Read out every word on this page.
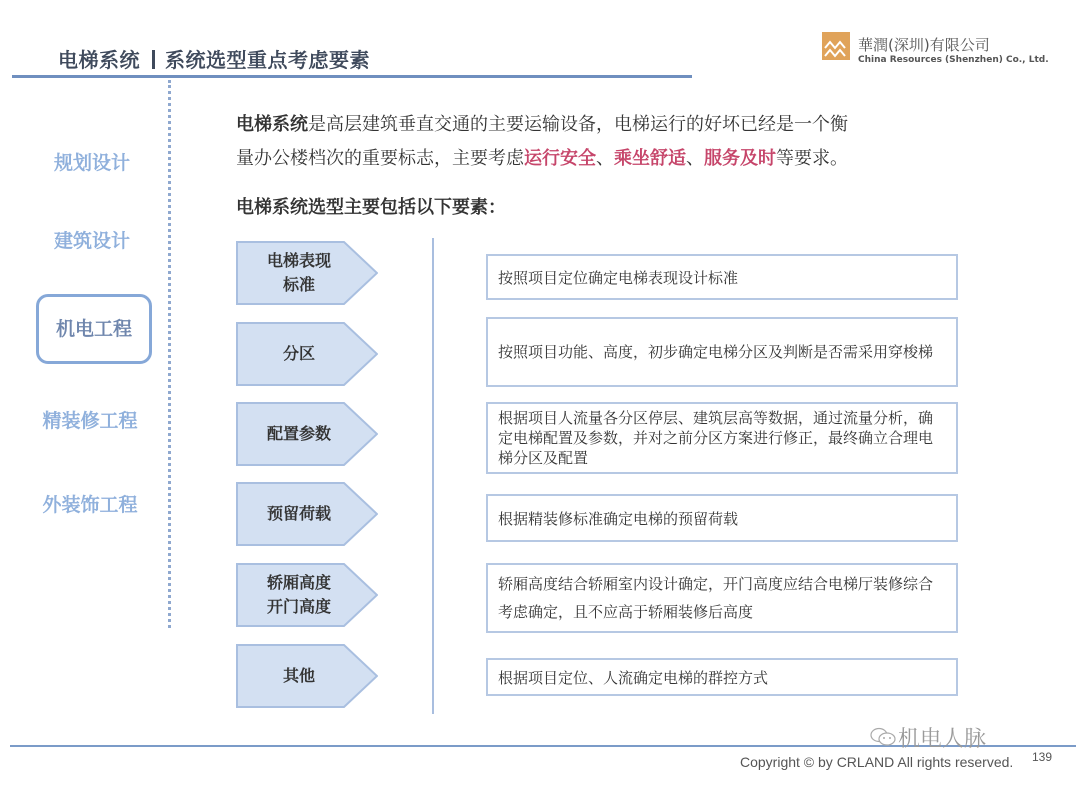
电梯系统 系统选型重点考虑要素
華潤(深圳)有限公司
China Resources (Shenzhen) Co., Ltd.
规划设计
建筑设计
机电工程
精装修工程
外装饰工程
电梯系统是高层建筑垂直交通的主要运输设备，电梯运行的好坏已经是一个衡
量办公楼档次的重要标志，主要考虑运行安全、乘坐舒适、服务及时等要求。
电梯系统选型主要包括以下要素：
电梯表现
标准
分区
配置参数
预留荷载
轿厢高度
开门高度
其他
按照项目定位确定电梯表现设计标准
按照项目功能、高度，初步确定电梯分区及判断是否需采用穿梭梯
根据项目人流量各分区停层、建筑层高等数据，通过流量分析，确定电梯配置及参数，并对之前分区方案进行修正，最终确立合理电梯分区及配置
根据精装修标准确定电梯的预留荷载
轿厢高度结合轿厢室内设计确定，开门高度应结合电梯厅装修综合考虑确定，且不应高于轿厢装修后高度
根据项目定位、人流确定电梯的群控方式
机电人脉
Copyright © by CRLAND All rights reserved. 139
